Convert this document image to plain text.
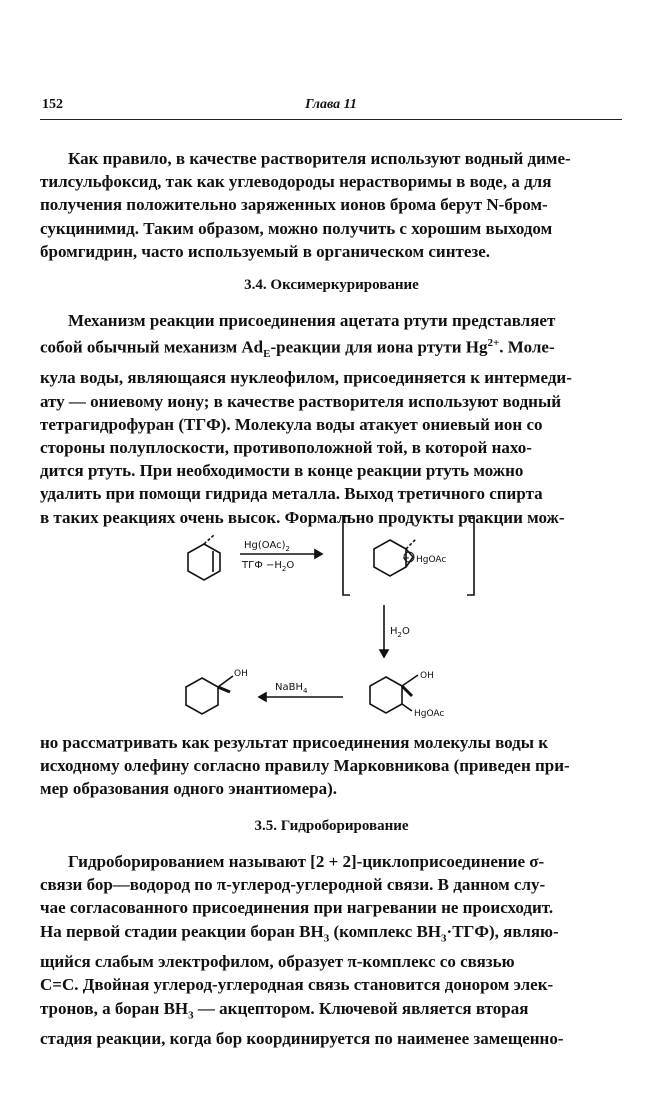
152	Глава 11

Как правило, в качестве растворителя используют водный диме-
тилсульфоксид, так как углеводороды нерастворимы в воде, а для
получения положительно заряженных ионов брома берут N-бром-
сукцинимид. Таким образом, можно получить с хорошим выходом
бромгидрин, часто используемый в органическом синтезе.

3.4. Оксимеркурирование

Механизм реакции присоединения ацетата ртути представляет
собой обычный механизм $Ad_E$-реакции для иона ртути $Hg^{2+}$. Моле-
кула воды, являющаяся нуклеофилом, присоединяется к интермеди-
ату — ониевому иону; в качестве растворителя используют водный
тетрагидрофуран (ТГФ). Молекула воды атакует ониевый ион со
стороны полуплоскости, противоположной той, в которой нахо-
дится ртуть. При необходимости в конце реакции ртуть можно
удалить при помощи гидрида металла. Выход третичного спирта
в таких реакциях очень высок. Формально продукты реакции мож-

$Hg(OAc)_2$
ТГФ $-H_2O$
+ HgOAc
$H_2O$
OH
HgOAc
NaBH$_4$
OH

но рассматривать как результат присоединения молекулы воды к
исходному олефину согласно правилу Марковникова (приведен при-
мер образования одного энантиомера).

3.5. Гидроборирование

Гидроборированием называют [2 + 2]-циклоприсоединение σ-
связи бор—водород по π-углерод-углеродной связи. В данном слу-
чае согласованного присоединения при нагревании не происходит.
На первой стадии реакции боран $BH_3$ (комплекс $BH_3\cdot ТГФ$), являю-
щийся слабым электрофилом, образует π-комплекс со связью
C=C. Двойная углерод-углеродная связь становится донором элек-
тронов, а боран $BH_3$ — акцептором. Ключевой является вторая
стадия реакции, когда бор координируется по наименее замещенно-
